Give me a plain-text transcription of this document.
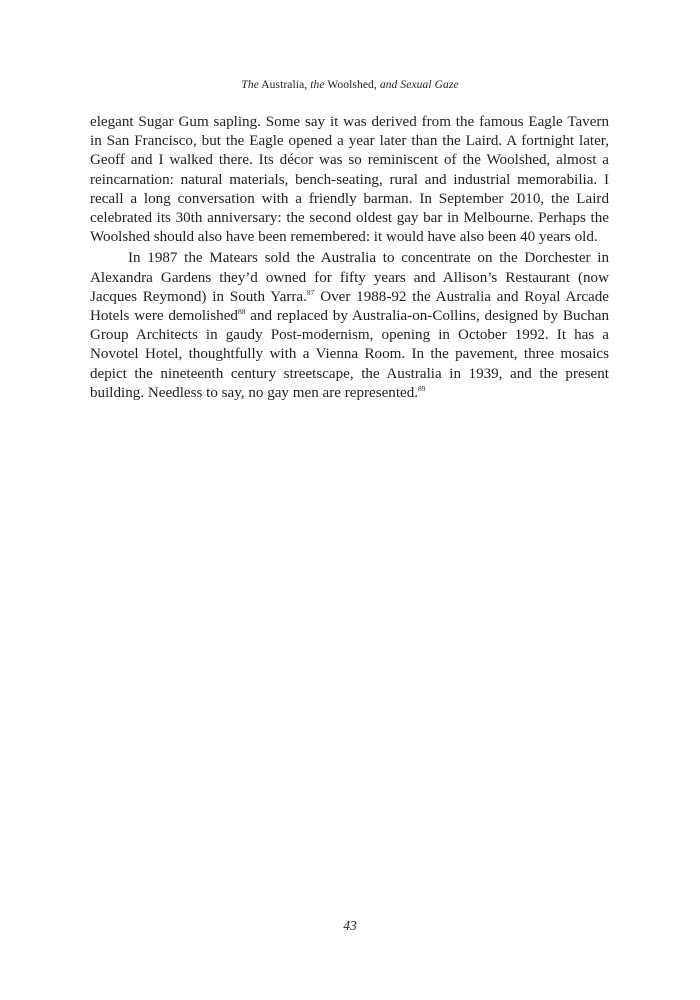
The Australia, the Woolshed, and Sexual Gaze

elegant Sugar Gum sapling. Some say it was derived from the famous Eagle Tavern in San Francisco, but the Eagle opened a year later than the Laird. A fortnight later, Geoff and I walked there. Its décor was so reminiscent of the Woolshed, almost a reincarnation: natural materials, bench-seating, rural and industrial memorabilia. I recall a long conversation with a friendly barman. In September 2010, the Laird celebrated its 30th anniversary: the second oldest gay bar in Melbourne. Perhaps the Woolshed should also have been remembered: it would have also been 40 years old.

In 1987 the Matears sold the Australia to concentrate on the Dorchester in Alexandra Gardens they’d owned for fifty years and Allison’s Restaurant (now Jacques Reymond) in South Yarra.$^{87}$ Over 1988-92 the Australia and Royal Arcade Hotels were demolished$^{88}$ and replaced by Australia-on-Collins, designed by Buchan Group Architects in gaudy Post-modernism, opening in October 1992. It has a Novotel Hotel, thoughtfully with a Vienna Room. In the pavement, three mosaics depict the nineteenth century streetscape, the Australia in 1939, and the present building. Needless to say, no gay men are represented.$^{89}$

43
